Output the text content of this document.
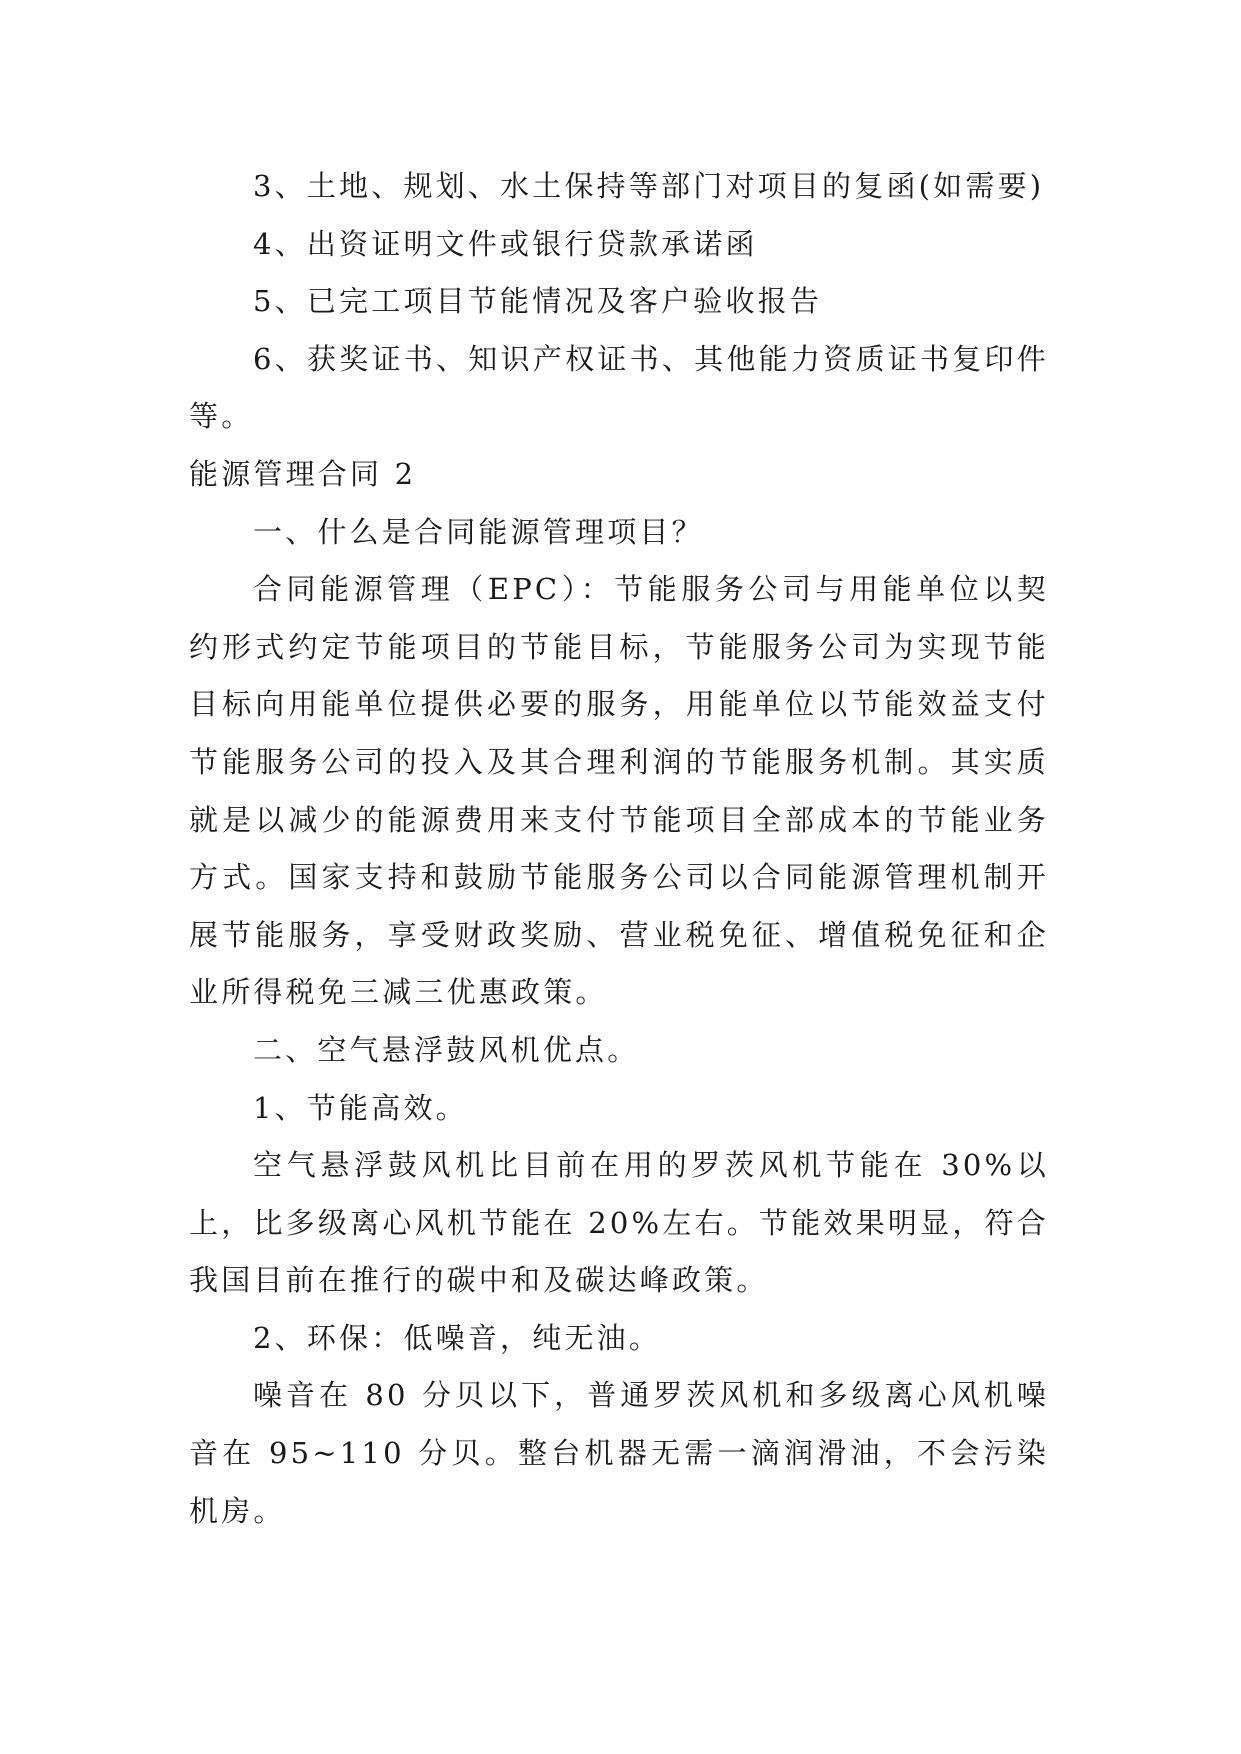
3、土地、规划、水土保持等部门对项目的复函(如需要)

4、出资证明文件或银行贷款承诺函

5、已完工项目节能情况及客户验收报告

6、获奖证书、知识产权证书、其他能力资质证书复印件等。

能源管理合同 2

一、什么是合同能源管理项目？

合同能源管理（EPC）：节能服务公司与用能单位以契约形式约定节能项目的节能目标，节能服务公司为实现节能目标向用能单位提供必要的服务，用能单位以节能效益支付节能服务公司的投入及其合理利润的节能服务机制。其实质就是以减少的能源费用来支付节能项目全部成本的节能业务方式。国家支持和鼓励节能服务公司以合同能源管理机制开展节能服务，享受财政奖励、营业税免征、增值税免征和企业所得税免三减三优惠政策。

二、空气悬浮鼓风机优点。

1、节能高效。

空气悬浮鼓风机比目前在用的罗茨风机节能在 30%以上，比多级离心风机节能在 20%左右。节能效果明显，符合我国目前在推行的碳中和及碳达峰政策。

2、环保：低噪音，纯无油。

噪音在 80 分贝以下，普通罗茨风机和多级离心风机噪音在 95~110 分贝。整台机器无需一滴润滑油，不会污染机房。
